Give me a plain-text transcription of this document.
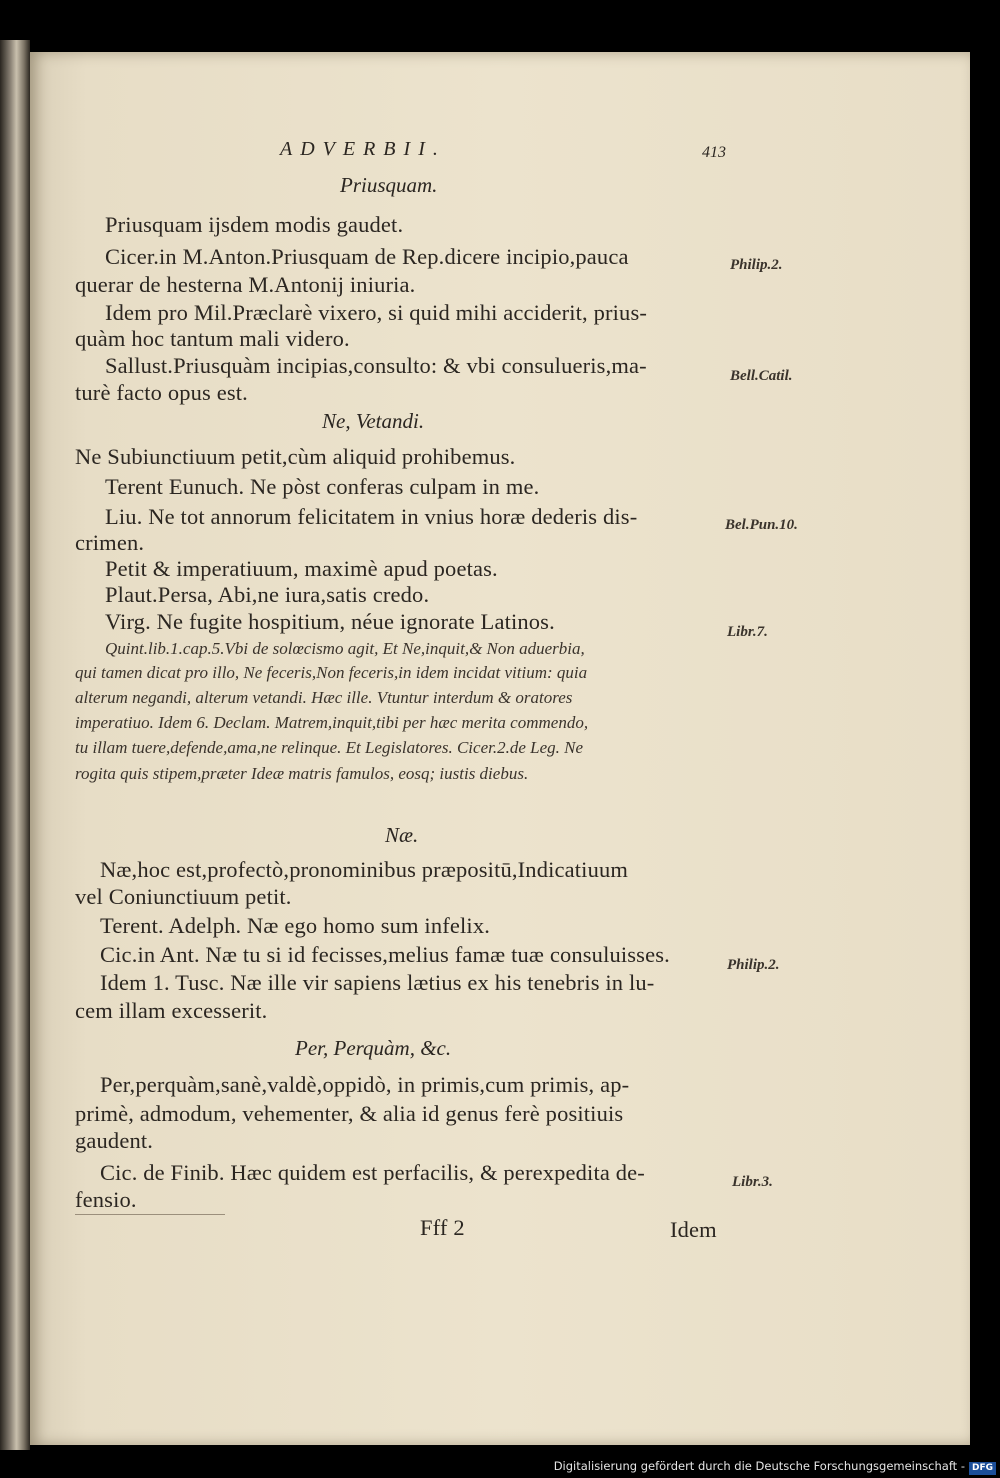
ADVERBII.	413
Priusquam.
Priusquam ijsdem modis gaudet.
Cicer.in M.Anton.Priusquam de Rep.dicere incipio,pauca
querar de hesterna M.Antonij iniuria.
Idem pro Mil.Præclarè vixero, si quid mihi acciderit, prius-
quàm hoc tantum mali videro.
Sallust.Priusquàm incipias,consulto: & vbi consulueris,ma-
turè facto opus est.
Ne, Vetandi.
Ne Subiunctiuum petit,cùm aliquid prohibemus.
Terent Eunuch. Ne pòst conferas culpam in me.
Liu. Ne tot annorum felicitatem in vnius horæ dederis dis-
crimen.
Petit & imperatiuum, maximè apud poetas.
Plaut.Persa, Abi,ne iura,satis credo.
Virg. Ne fugite hospitium, néue ignorate Latinos.
Quint.lib.1.cap.5.Vbi de solœcismo agit, Et Ne,inquit,& Non aduerbia,
qui tamen dicat pro illo, Ne feceris,Non feceris,in idem incidat vitium: quia
alterum negandi, alterum vetandi. Hæc ille. Vtuntur interdum & oratores
imperatiuo. Idem 6. Declam. Matrem,inquit,tibi per hæc merita commendo,
tu illam tuere,defende,ama,ne relinque. Et Legislatores. Cicer.2.de Leg. Ne
rogita quis stipem,præter Ideæ matris famulos, eosq; iustis diebus.
Næ.
Næ,hoc est,profectò,pronominibus præpositū,Indicatiuum
vel Coniunctiuum petit.
Terent. Adelph. Næ ego homo sum infelix.
Cic.in Ant. Næ tu si id fecisses,melius famæ tuæ consuluisses.
Idem 1. Tusc. Næ ille vir sapiens lætius ex his tenebris in lu-
cem illam excesserit.
Per, Perquàm, &c.
Per,perquàm,sanè,valdè,oppidò, in primis,cum primis, ap-
primè, admodum, vehementer, & alia id genus ferè positiuis
gaudent.
Cic. de Finib. Hæc quidem est perfacilis, & perexpedita de-
fensio.
Philip.2.
Bell.Catil.
Bel.Pun.10.
Libr.7.
Philip.2.
Libr.3.
Fff 2	Idem
Digitalisierung gefördert durch die Deutsche Forschungsgemeinschaft - DFG
